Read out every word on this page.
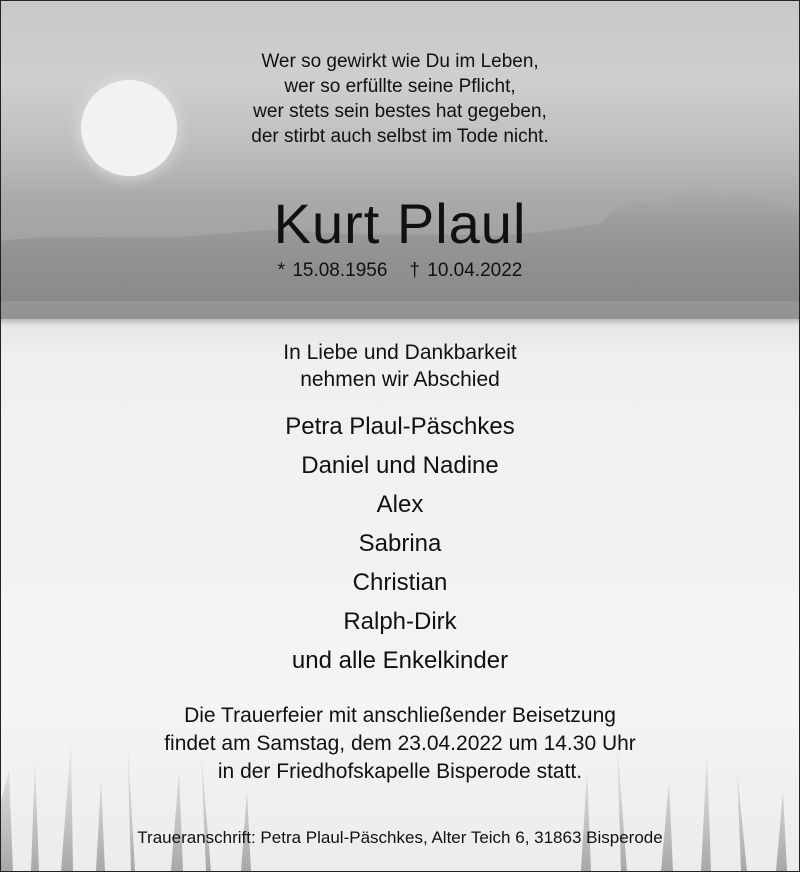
Wer so gewirkt wie Du im Leben,
wer so erfüllte seine Pflicht,
wer stets sein bestes hat gegeben,
der stirbt auch selbst im Tode nicht.
Kurt Plaul
* 15.08.1956 † 10.04.2022
In Liebe und Dankbarkeit
nehmen wir Abschied
Petra Plaul-Päschkes
Daniel und Nadine
Alex
Sabrina
Christian
Ralph-Dirk
und alle Enkelkinder
Die Trauerfeier mit anschließender Beisetzung
findet am Samstag, dem 23.04.2022 um 14.30 Uhr
in der Friedhofskapelle Bisperode statt.
Traueranschrift: Petra Plaul-Päschkes, Alter Teich 6, 31863 Bisperode
